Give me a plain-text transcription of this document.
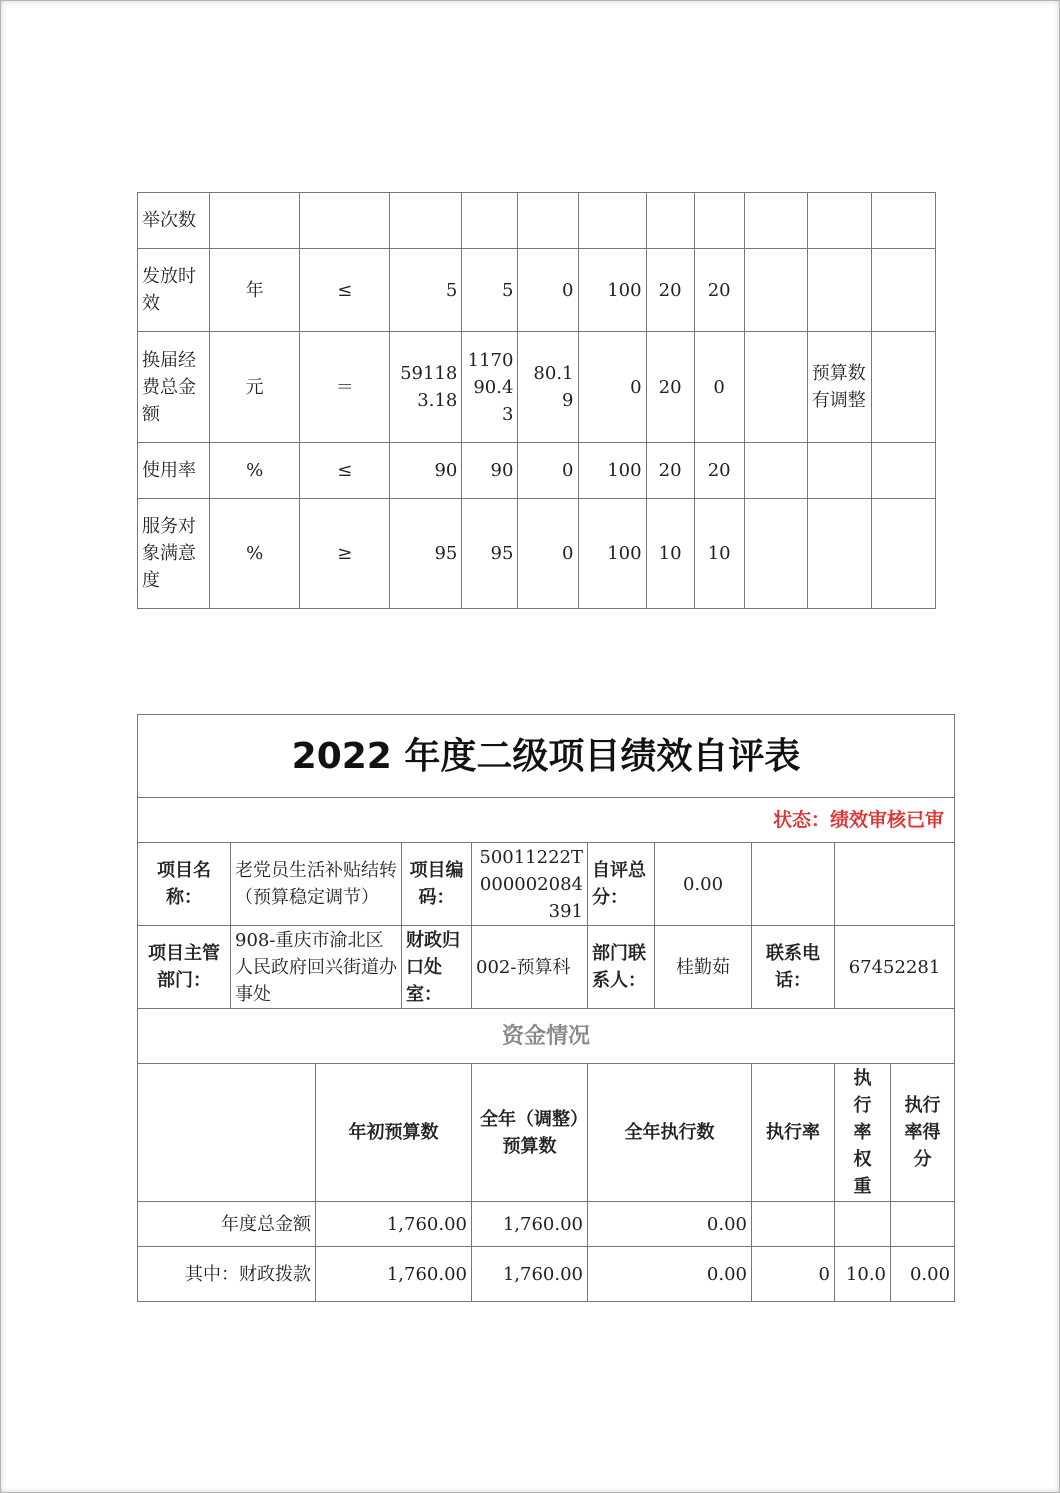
举次数											
发放时效	年	≤	5	5	0	100	20	20			
换届经费总金额	元	＝	591183.18	117090.43	80.19	0	20	0		预算数有调整	
使用率	%	≤	90	90	0	100	20	20			
服务对象满意度	%	≥	95	95	0	100	10	10			
2022 年度二级项目绩效自评表									
状态：绩效审核已审									
项目名称：	老党员生活补贴结转（预算稳定调节）		项目编码：	50011222T000002084391	自评总分：	0.00			
项目主管部门：	908-重庆市渝北区人民政府回兴街道办事处		财政归口处室：	002-预算科	部门联系人：	桂勤茹	联系电话：	67452281	
资金情况									
		年初预算数		全年（调整）预算数	全年执行数		执行率	执行率权重	执行率得分
年度总金额		1,760.00		1,760.00	0.00				
其中：财政拨款		1,760.00		1,760.00	0.00		0	10.0	0.00
